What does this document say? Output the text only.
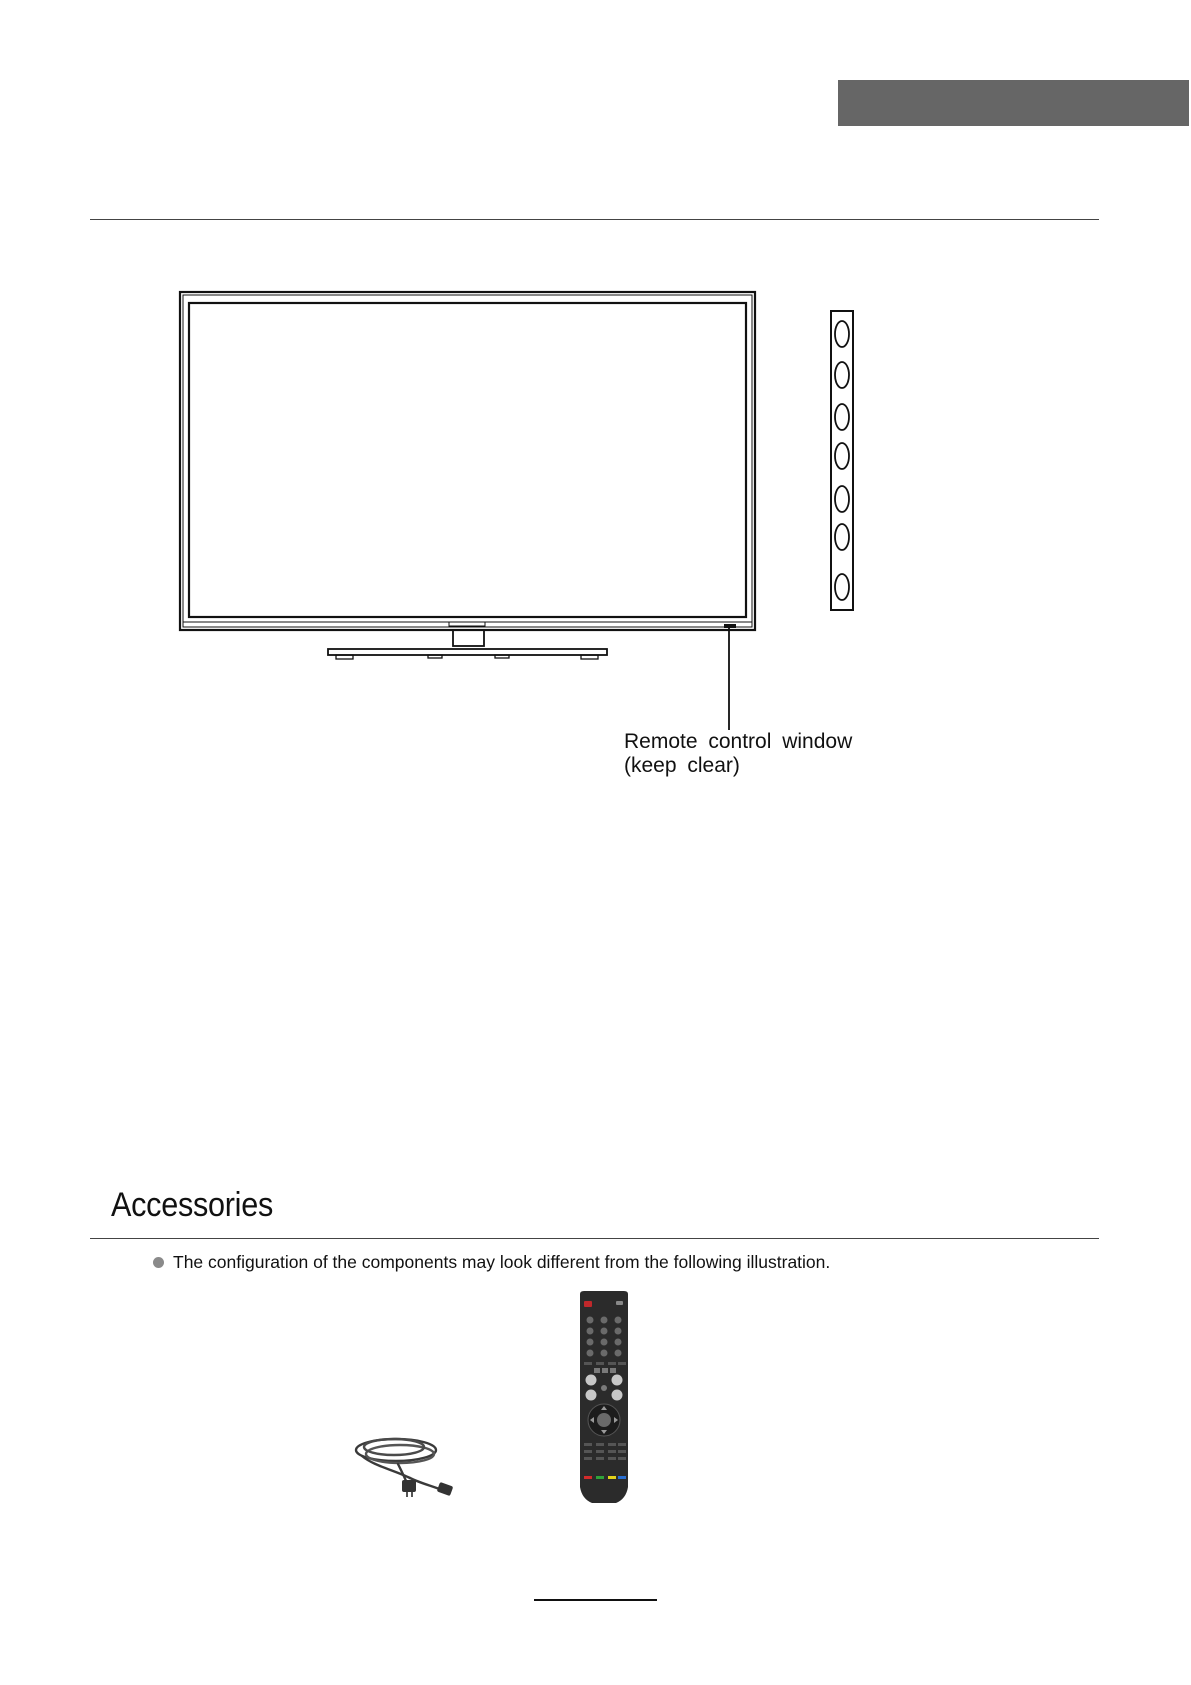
Remote control window
(keep clear)
Accessories
The configuration of the components may look different from the following illustration.
